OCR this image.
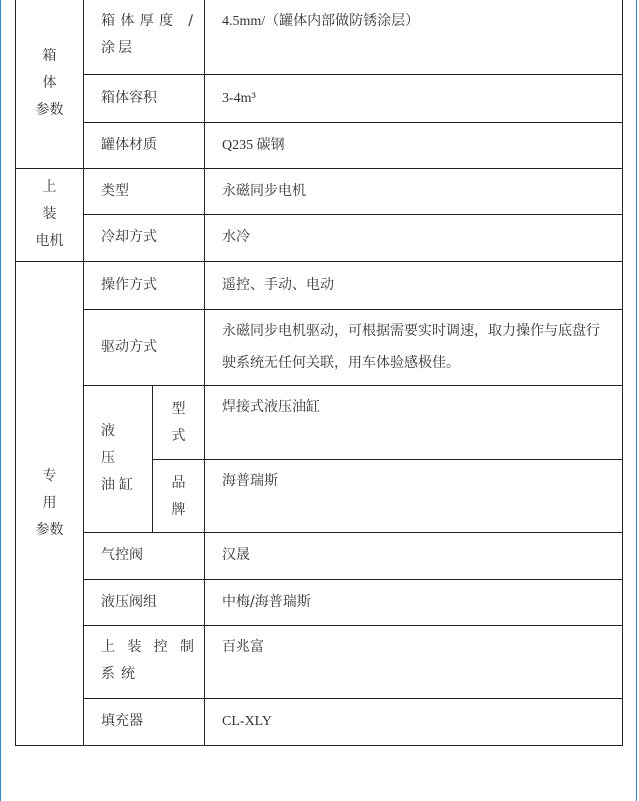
箱 体
参数	箱体厚度 /涂层		4.5mm/（罐体内部做防锈涂层）
	箱体容积		3-4m³
	罐体材质		Q235 碳钢

上 装
电机	类型		永磁同步电机
	冷却方式		水冷

专 用
参数	操作方式		遥控、手动、电动
	驱动方式		永磁同步电机驱动，可根据需要实时调速，取力操作与底盘行驶系统无任何关联，用车体验感极佳。
	液 压 油缸	型 式	焊接式液压油缸

		品 牌	海普瑞斯
	气控阀		汉晟
	液压阀组		中梅/海普瑞斯
	上装控制系统		百兆富
	填充器		CL-XLY
